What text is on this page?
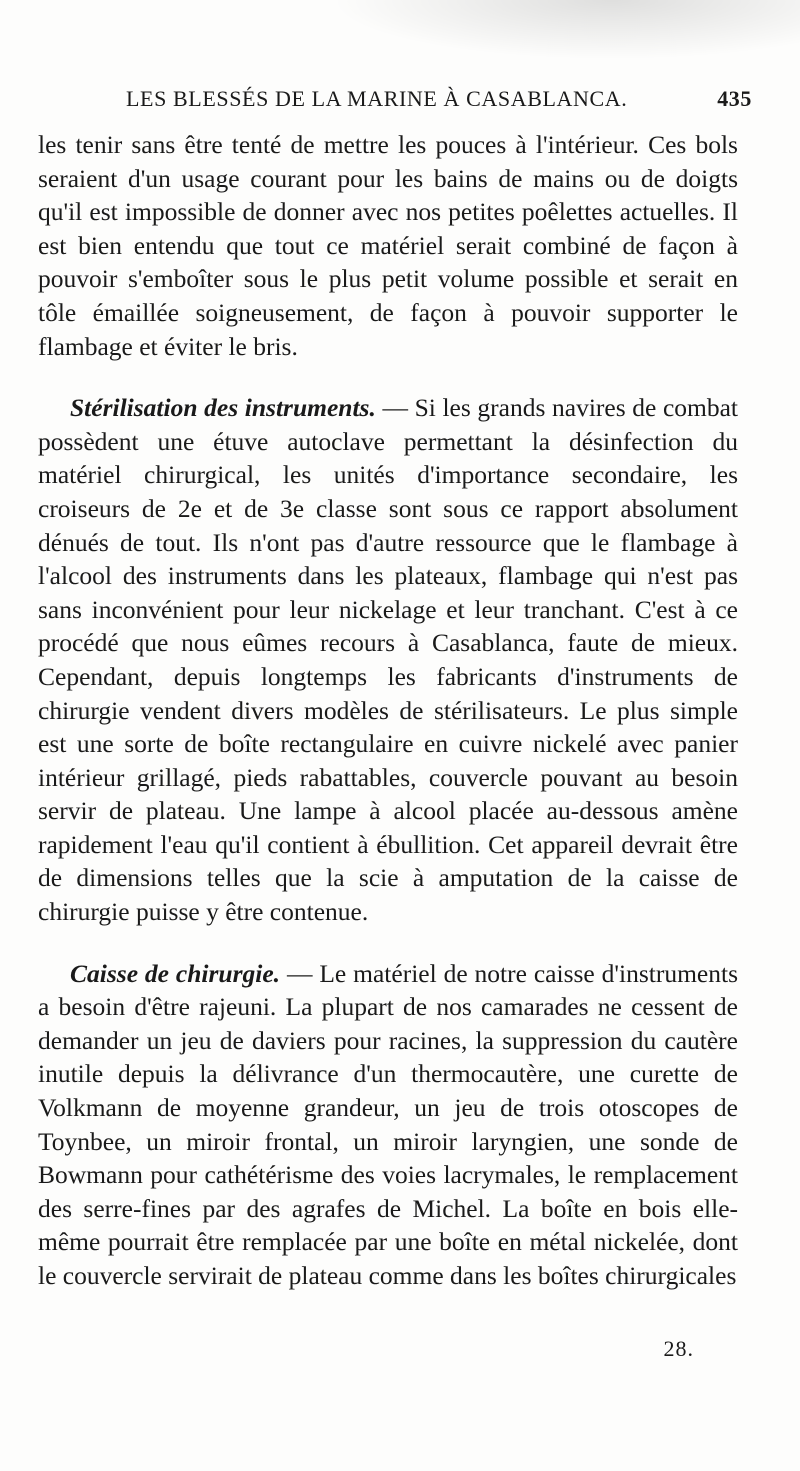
LES BLESSÉS DE LA MARINE À CASABLANCA.	435

les tenir sans être tenté de mettre les pouces à l'intérieur. Ces bols seraient d'un usage courant pour les bains de mains ou de doigts qu'il est impossible de donner avec nos petites poêlettes actuelles. Il est bien entendu que tout ce matériel serait combiné de façon à pouvoir s'emboîter sous le plus petit volume possible et serait en tôle émaillée soigneusement, de façon à pouvoir supporter le flambage et éviter le bris.

Stérilisation des instruments. — Si les grands navires de combat possèdent une étuve autoclave permettant la désinfection du matériel chirurgical, les unités d'importance secondaire, les croiseurs de 2e et de 3e classe sont sous ce rapport absolument dénués de tout. Ils n'ont pas d'autre ressource que le flambage à l'alcool des instruments dans les plateaux, flambage qui n'est pas sans inconvénient pour leur nickelage et leur tranchant. C'est à ce procédé que nous eûmes recours à Casablanca, faute de mieux. Cependant, depuis longtemps les fabricants d'instruments de chirurgie vendent divers modèles de stérilisateurs. Le plus simple est une sorte de boîte rectangulaire en cuivre nickelé avec panier intérieur grillagé, pieds rabattables, couvercle pouvant au besoin servir de plateau. Une lampe à alcool placée au-dessous amène rapidement l'eau qu'il contient à ébullition. Cet appareil devrait être de dimensions telles que la scie à amputation de la caisse de chirurgie puisse y être contenue.

Caisse de chirurgie. — Le matériel de notre caisse d'instruments a besoin d'être rajeuni. La plupart de nos camarades ne cessent de demander un jeu de daviers pour racines, la suppression du cautère inutile depuis la délivrance d'un thermocautère, une curette de Volkmann de moyenne grandeur, un jeu de trois otoscopes de Toynbee, un miroir frontal, un miroir laryngien, une sonde de Bowmann pour cathétérisme des voies lacrymales, le remplacement des serre-fines par des agrafes de Michel. La boîte en bois elle-même pourrait être remplacée par une boîte en métal nickelée, dont le couvercle servirait de plateau comme dans les boîtes chirurgicales

28.
